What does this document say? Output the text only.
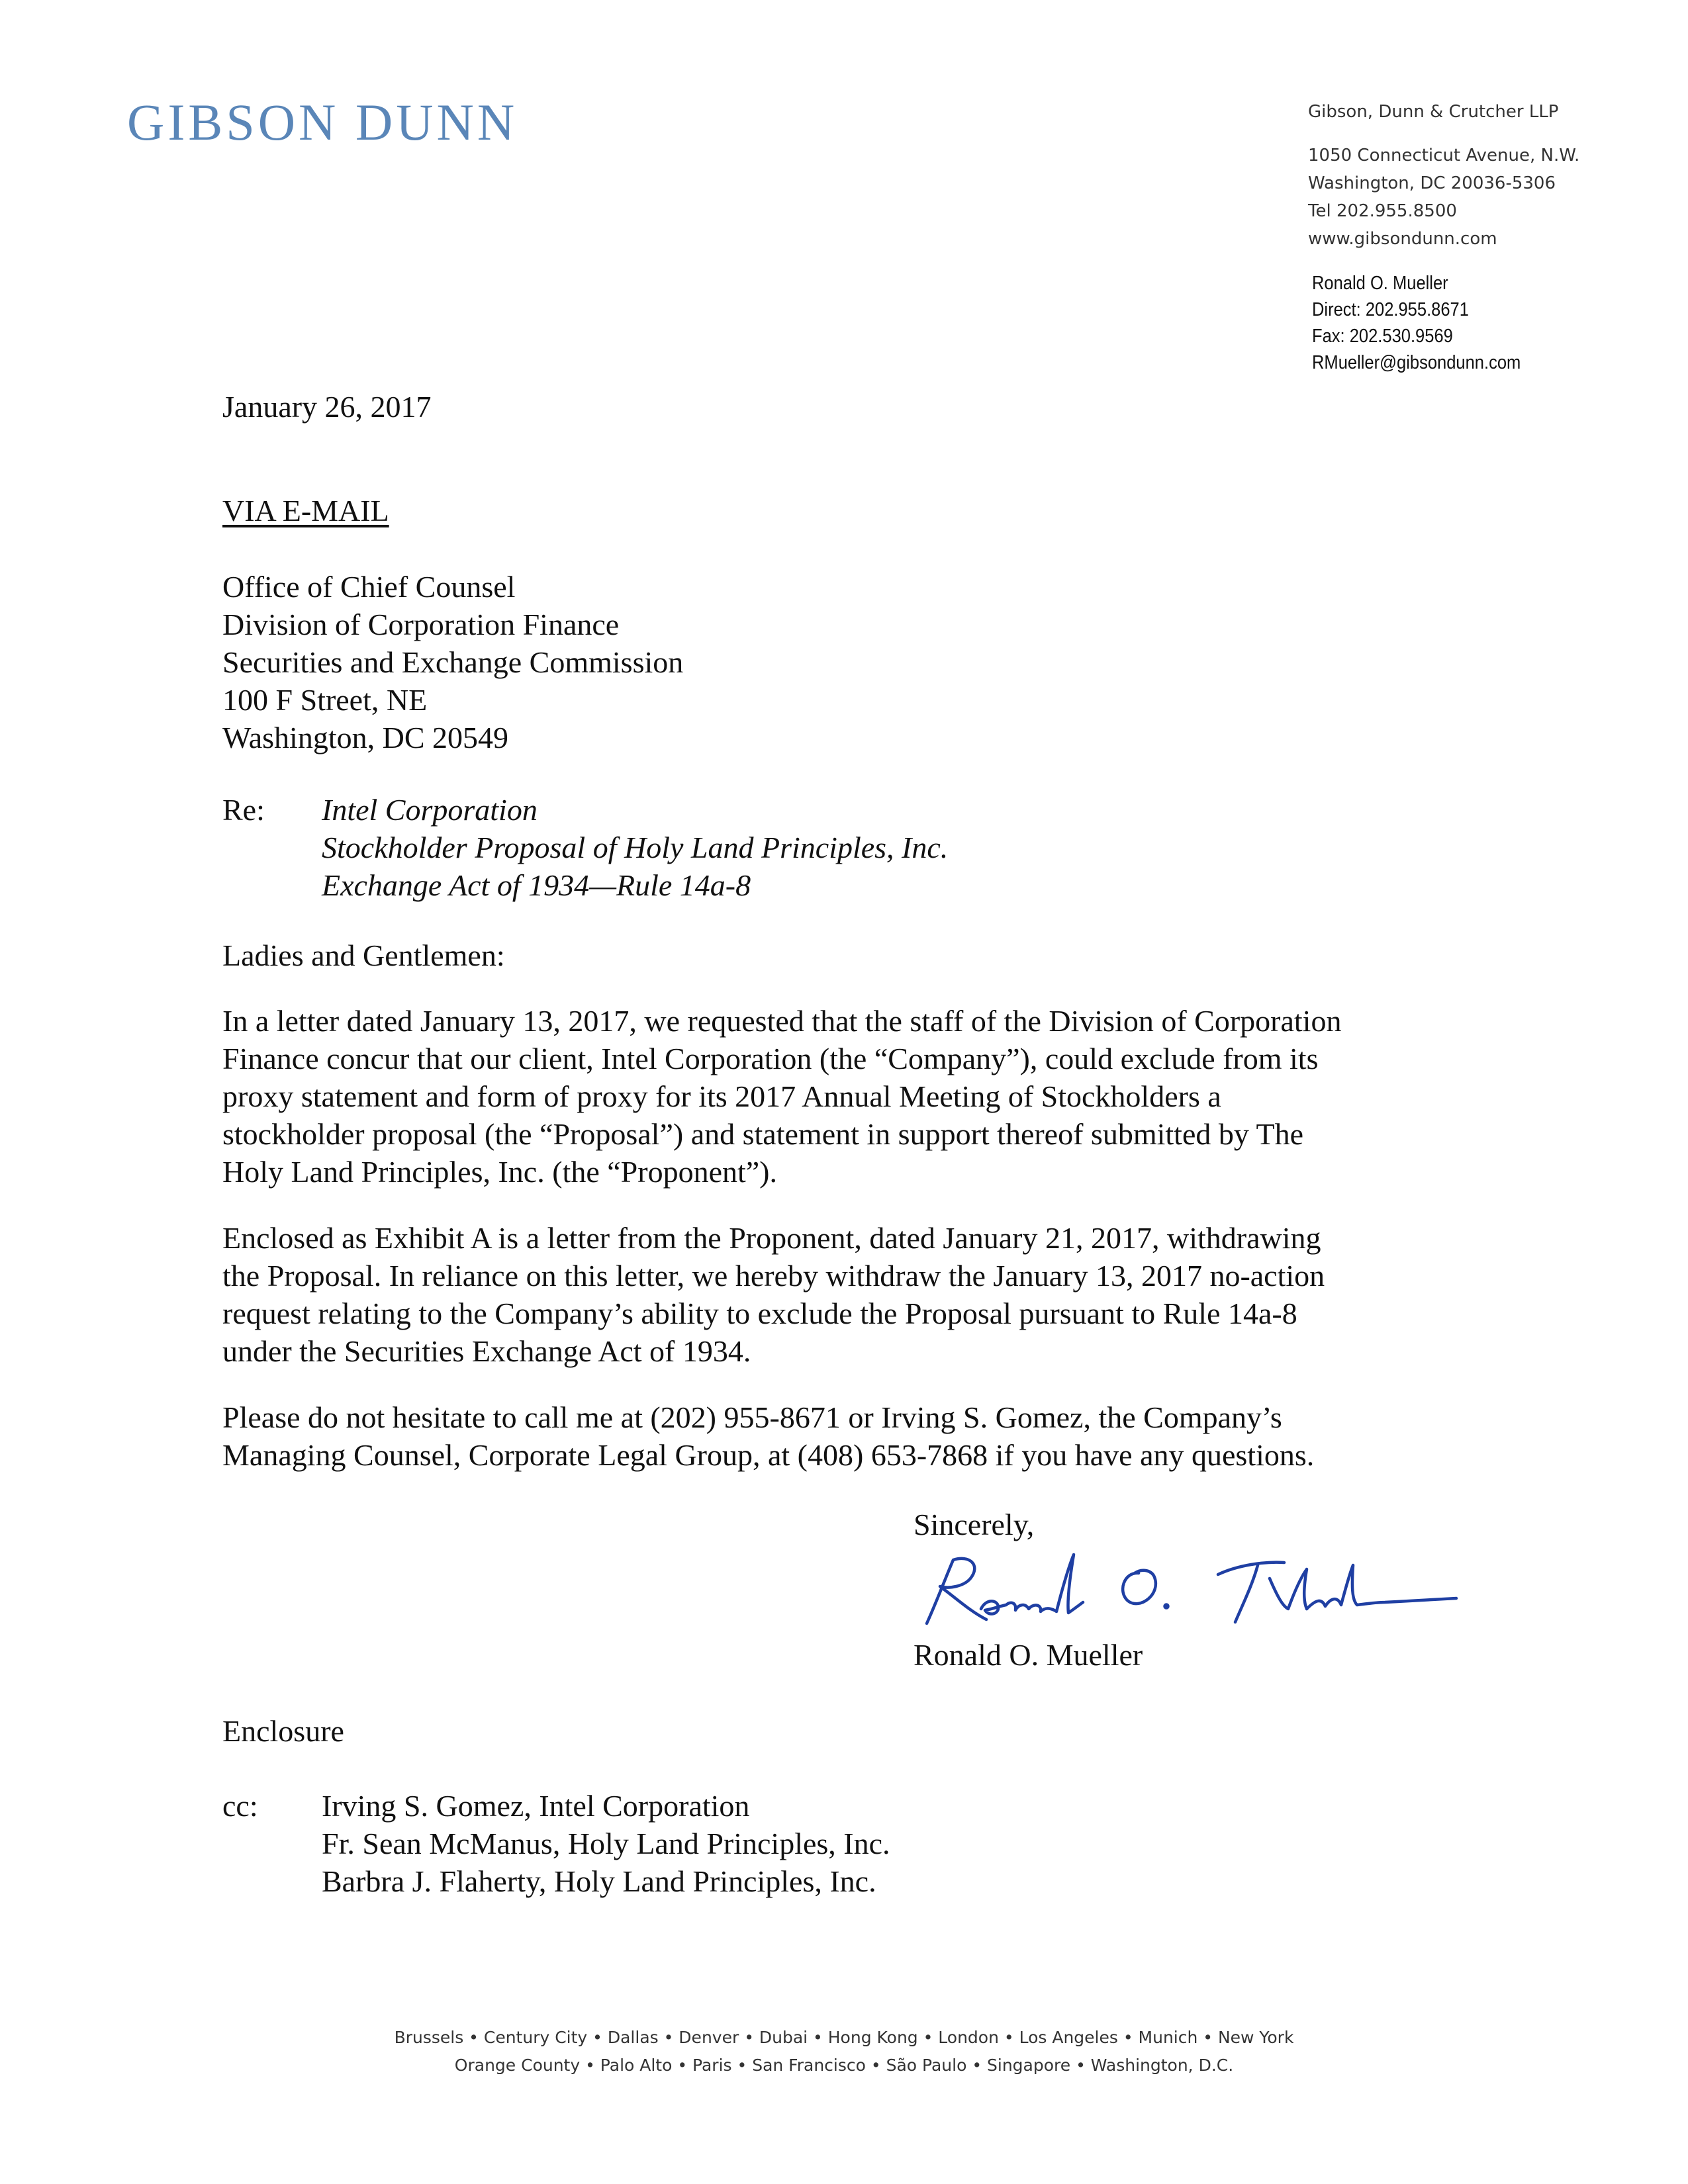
GIBSON DUNN	Gibson, Dunn & Crutcher LLP
1050 Connecticut Avenue, N.W.
Washington, DC 20036-5306
Tel 202.955.8500
www.gibsondunn.com
Ronald O. Mueller
Direct: 202.955.8671
Fax: 202.530.9569
RMueller@gibsondunn.com
January 26, 2017
VIA E-MAIL
Office of Chief Counsel
Division of Corporation Finance
Securities and Exchange Commission
100 F Street, NE
Washington, DC 20549
Re: Intel Corporation
Stockholder Proposal of Holy Land Principles, Inc.
Exchange Act of 1934—Rule 14a-8
Ladies and Gentlemen:
In a letter dated January 13, 2017, we requested that the staff of the Division of Corporation
Finance concur that our client, Intel Corporation (the “Company”), could exclude from its
proxy statement and form of proxy for its 2017 Annual Meeting of Stockholders a
stockholder proposal (the “Proposal”) and statement in support thereof submitted by The
Holy Land Principles, Inc. (the “Proponent”).
Enclosed as Exhibit A is a letter from the Proponent, dated January 21, 2017, withdrawing
the Proposal. In reliance on this letter, we hereby withdraw the January 13, 2017 no-action
request relating to the Company’s ability to exclude the Proposal pursuant to Rule 14a-8
under the Securities Exchange Act of 1934.
Please do not hesitate to call me at (202) 955-8671 or Irving S. Gomez, the Company’s
Managing Counsel, Corporate Legal Group, at (408) 653-7868 if you have any questions.
Sincerely,
Ronald O. Mueller
Enclosure
cc: Irving S. Gomez, Intel Corporation
Fr. Sean McManus, Holy Land Principles, Inc.
Barbra J. Flaherty, Holy Land Principles, Inc.
Brussels • Century City • Dallas • Denver • Dubai • Hong Kong • London • Los Angeles • Munich • New York
Orange County • Palo Alto • Paris • San Francisco • São Paulo • Singapore • Washington, D.C.
